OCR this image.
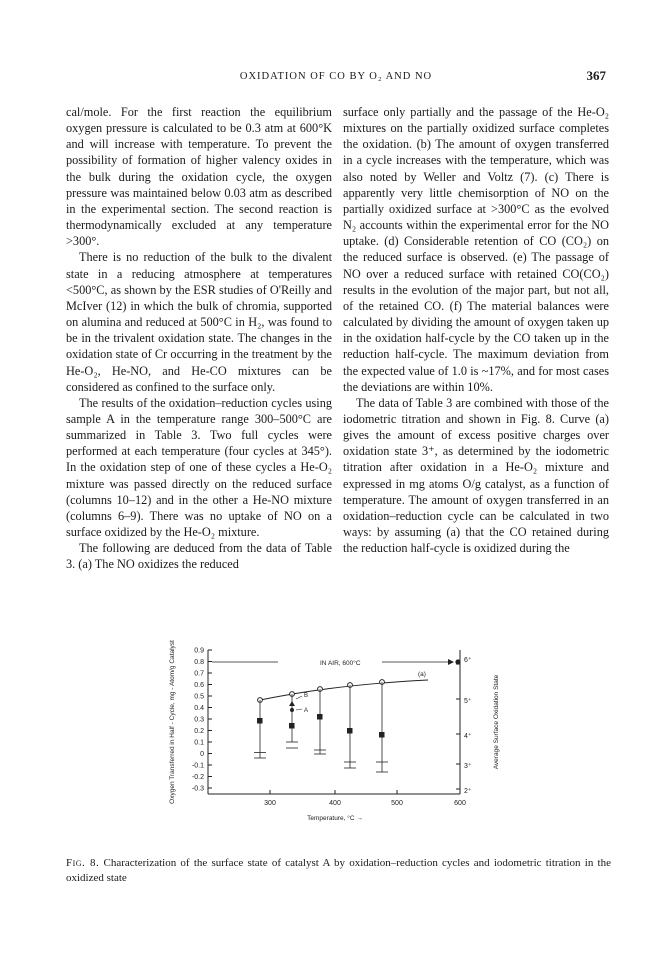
OXIDATION OF CO BY O₂ AND NO	367

cal/mole. For the first reaction the equilibrium oxygen pressure is calculated to be 0.3 atm at 600°K and will increase with temperature. To prevent the possibility of formation of higher valency oxides in the bulk during the oxidation cycle, the oxygen pressure was maintained below 0.03 atm as described in the experimental section. The second reaction is thermodynamically excluded at any temperature >300°.

There is no reduction of the bulk to the divalent state in a reducing atmosphere at temperatures <500°C, as shown by the ESR studies of O'Reilly and McIver (12) in which the bulk of chromia, supported on alumina and reduced at 500°C in H₂, was found to be in the trivalent oxidation state. The changes in the oxidation state of Cr occurring in the treatment by the He-O₂, He-NO, and He-CO mixtures can be considered as confined to the surface only.

The results of the oxidation–reduction cycles using sample A in the temperature range 300–500°C are summarized in Table 3. Two full cycles were performed at each temperature (four cycles at 345°). In the oxidation step of one of these cycles a He-O₂ mixture was passed directly on the reduced surface (columns 10–12) and in the other a He-NO mixture (columns 6–9). There was no uptake of NO on a surface oxidized by the He-O₂ mixture.

The following are deduced from the data of Table 3. (a) The NO oxidizes the reduced

surface only partially and the passage of the He-O₂ mixtures on the partially oxidized surface completes the oxidation. (b) The amount of oxygen transferred in a cycle increases with the temperature, which was also noted by Weller and Voltz (7). (c) There is apparently very little chemisorption of NO on the partially oxidized surface at >300°C as the evolved N₂ accounts within the experimental error for the NO uptake. (d) Considerable retention of CO (CO₂) on the reduced surface is observed. (e) The passage of NO over a reduced surface with retained CO(CO₂) results in the evolution of the major part, but not all, of the retained CO. (f) The material balances were calculated by dividing the amount of oxygen taken up in the oxidation half-cycle by the CO taken up in the reduction half-cycle. The maximum deviation from the expected value of 1.0 is ~17%, and for most cases the deviations are within 10%.

The data of Table 3 are combined with those of the iodometric titration and shown in Fig. 8. Curve (a) gives the amount of excess positive charges over oxidation state 3⁺, as determined by the iodometric titration after oxidation in a He-O₂ mixture and expressed in mg atoms O/g catalyst, as a function of temperature. The amount of oxygen transferred in an oxidation–reduction cycle can be calculated in two ways: by assuming (a) that the CO retained during the reduction half-cycle is oxidized during the

0.9
0.8
0.7
0.6
0.5
0.4
0.3
0.2
0.1
0
-0.1
-0.2
-0.3
Oxygen Transferred in Half - Cycle, mg - Atom/g Catalyst	300	400	500	600
Temperature, °C →
6⁺
5⁺
4⁺
3⁺
2⁺
Average Surface Oxidation State
IN AIR, 600°C
(a)
B
A
Fig. 8. Characterization of the surface state of catalyst A by oxidation–reduction cycles and iodometric titration in the oxidized state
